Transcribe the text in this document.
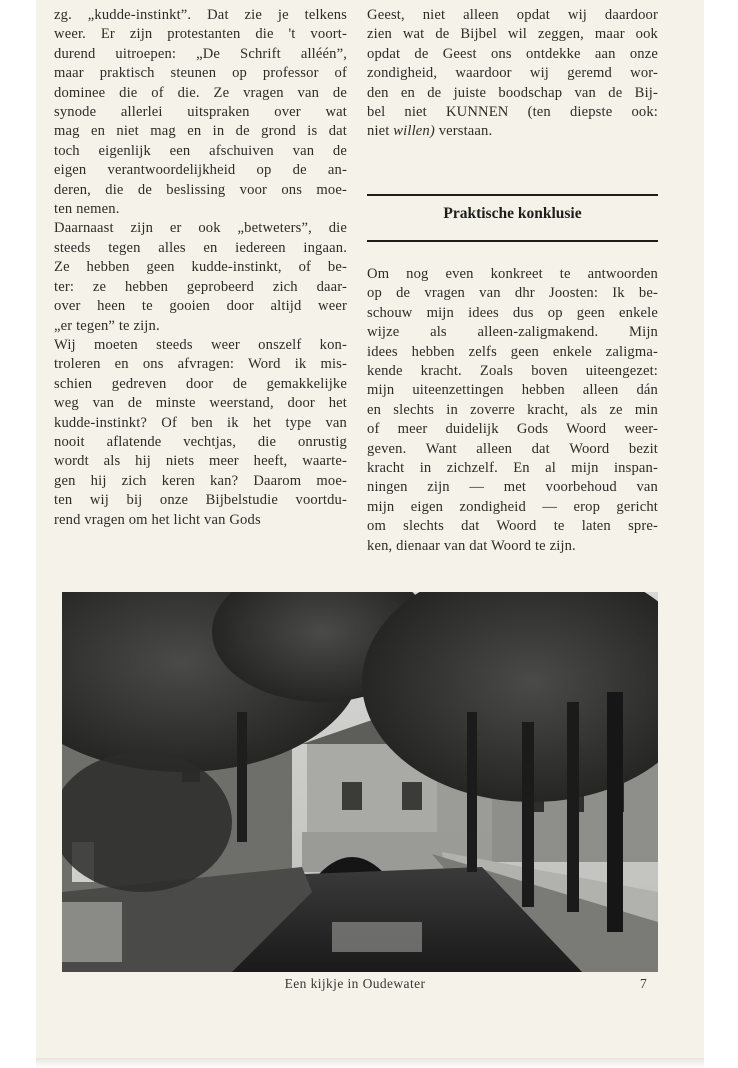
zg. „kudde-instinkt”. Dat zie je telkens
weer. Er zijn protestanten die 't voort-
durend uitroepen: „De Schrift alléén”,
maar praktisch steunen op professor of
dominee die of die. Ze vragen van de
synode allerlei uitspraken over wat
mag en niet mag en in de grond is dat
toch eigenlijk een afschuiven van de
eigen verantwoordelijkheid op de an-
deren, die de beslissing voor ons moe-
ten nemen.
Daarnaast zijn er ook „betweters”, die
steeds tegen alles en iedereen ingaan.
Ze hebben geen kudde-instinkt, of be-
ter: ze hebben geprobeerd zich daar-
over heen te gooien door altijd weer
„er tegen” te zijn.
Wij moeten steeds weer onszelf kon-
troleren en ons afvragen: Word ik mis-
schien gedreven door de gemakkelijke
weg van de minste weerstand, door het
kudde-instinkt? Of ben ik het type van
nooit aflatende vechtjas, die onrustig
wordt als hij niets meer heeft, waarte-
gen hij zich keren kan? Daarom moe-
ten wij bij onze Bijbelstudie voortdu-
rend vragen om het licht van Gods
Geest, niet alleen opdat wij daardoor
zien wat de Bijbel wil zeggen, maar ook
opdat de Geest ons ontdekke aan onze
zondigheid, waardoor wij geremd wor-
den en de juiste boodschap van de Bij-
bel niet KUNNEN (ten diepste ook:
niet willen) verstaan.
Praktische konklusie
Om nog even konkreet te antwoorden
op de vragen van dhr Joosten: Ik be-
schouw mijn idees dus op geen enkele
wijze als alleen-zaligmakend. Mijn
idees hebben zelfs geen enkele zaligma-
kende kracht. Zoals boven uiteengezet:
mijn uiteenzettingen hebben alleen dán
en slechts in zoverre kracht, als ze min
of meer duidelijk Gods Woord weer-
geven. Want alleen dat Woord bezit
kracht in zichzelf. En al mijn inspan-
ningen zijn — met voorbehoud van
mijn eigen zondigheid — erop gericht
om slechts dat Woord te laten spre-
ken, dienaar van dat Woord te zijn.
Een kijkje in Oudewater	7
